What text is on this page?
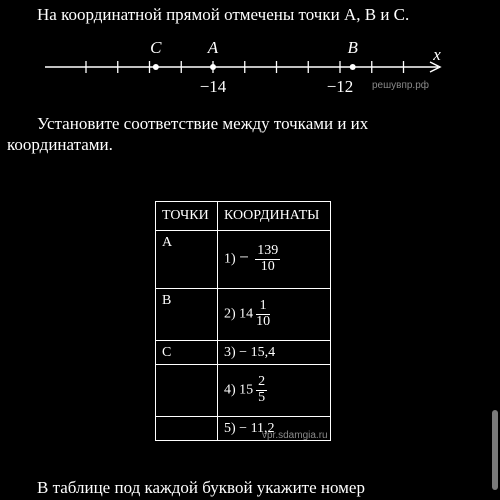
На координатной прямой отмечены точки A, B и C.
C	A	B
−14	−12
x
решувпр.рф
Установите соответствие между точками и их
координатами.
ТОЧКИ	КООРДИНАТЫ
A	$1) - \frac{139}{10}$

B	2) $14 \frac{1}{10}$

C	3) − 15,4
	4) $15 \frac{2}{5}$

	5) − 11,2
vpr.sdamgia.ru
В таблице под каждой буквой укажите номер
